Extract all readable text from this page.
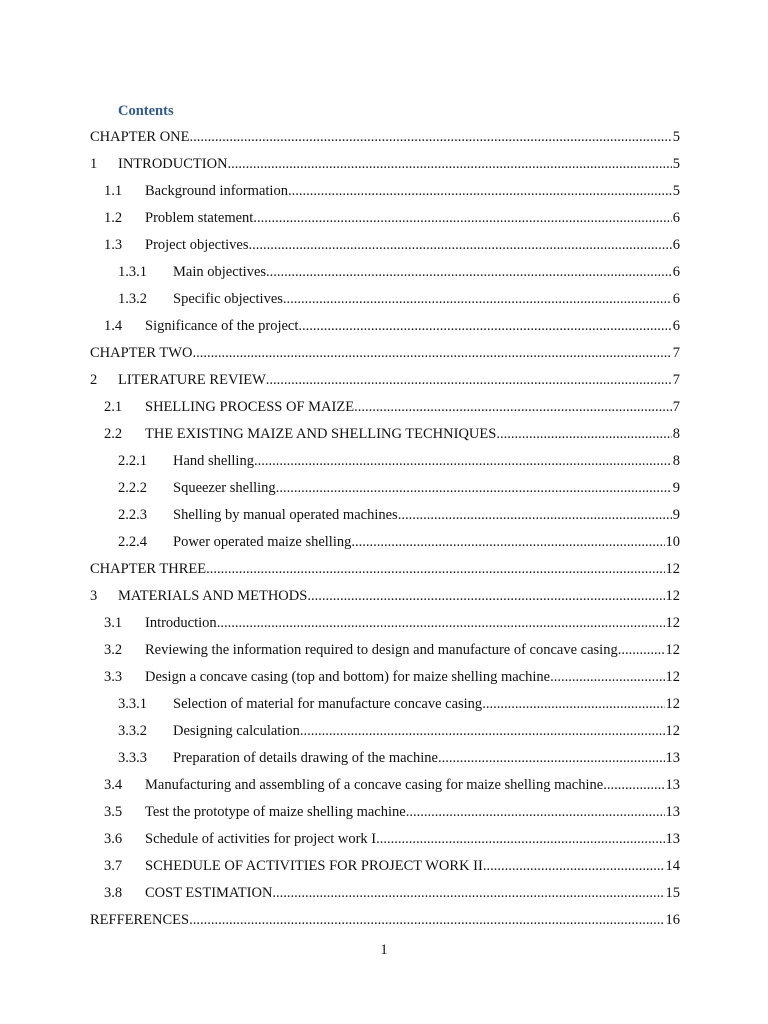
Contents
CHAPTER ONE .....	5
1	INTRODUCTION .....	5
1.1	Background information .....	5
1.2	Problem statement .....	6
1.3	Project objectives .....	6
1.3.1	Main objectives .....	6
1.3.2	Specific objectives .....	6
1.4	Significance of the project .....	6
CHAPTER TWO .....	7
2	LITERATURE REVIEW .....	7
2.1	SHELLING PROCESS OF MAIZE .....	7
2.2	THE EXISTING MAIZE AND SHELLING TECHNIQUES .....	8
2.2.1	Hand shelling .....	8
2.2.2	Squeezer shelling .....	9
2.2.3	Shelling by manual operated machines .....	9
2.2.4	Power operated maize shelling .....	10
CHAPTER THREE .....	12
3	MATERIALS AND METHODS .....	12
3.1	Introduction .....	12
3.2	Reviewing the information required to design and manufacture of concave casing .....	12
3.3	Design a concave casing (top and bottom) for maize shelling machine .....	12
3.3.1	Selection of material for manufacture concave casing .....	12
3.3.2	Designing calculation .....	12
3.3.3	Preparation of details drawing of the machine .....	13
3.4	Manufacturing and assembling of a concave casing for maize shelling machine .....	13
3.5	Test the prototype of maize shelling machine .....	13
3.6	Schedule of activities for project work I .....	13
3.7	SCHEDULE OF ACTIVITIES FOR PROJECT WORK II .....	14
3.8	COST ESTIMATION .....	15
REFFERENCES .....	16
1
